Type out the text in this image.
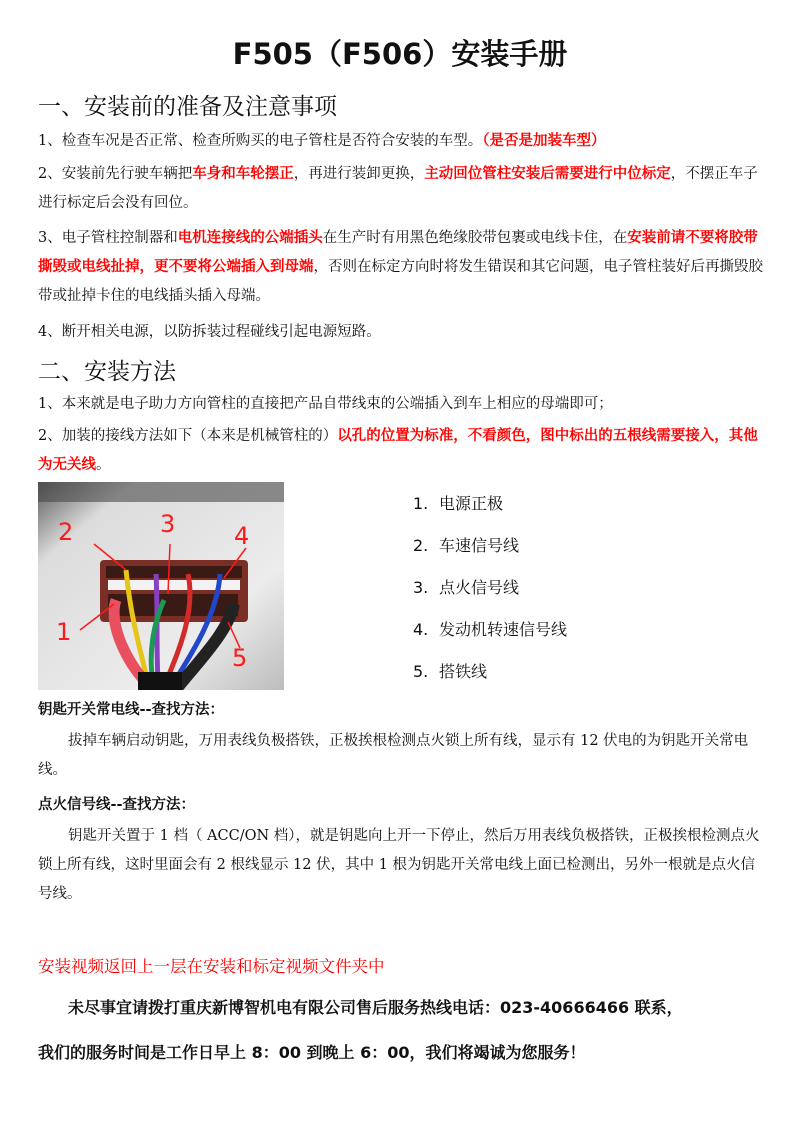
F505（F506）安装手册
一、安装前的准备及注意事项
1、检查车况是否正常、检查所购买的电子管柱是否符合安装的车型。（是否是加装车型）
2、安装前先行驶车辆把车身和车轮摆正，再进行装卸更换，主动回位管柱安装后需要进行中位标定，不摆正车子进行标定后会没有回位。
3、电子管柱控制器和电机连接线的公端插头在生产时有用黑色绝缘胶带包裹或电线卡住，在安装前请不要将胶带撕毁或电线扯掉，更不要将公端插入到母端，否则在标定方向时将发生错误和其它问题，电子管柱装好后再撕毁胶带或扯掉卡住的电线插头插入母端。
4、断开相关电源，以防拆装过程碰线引起电源短路。
二、安装方法
1、本来就是电子助力方向管柱的直接把产品自带线束的公端插入到车上相应的母端即可；
2、加装的接线方法如下（本来是机械管柱的）以孔的位置为标准，不看颜色，图中标出的五根线需要接入，其他为无关线。
2	3 4
1
5
1. 电源正极
2. 车速信号线
3. 点火信号线
4. 发动机转速信号线
5. 搭铁线
钥匙开关常电线--查找方法：
拔掉车辆启动钥匙，万用表线负极搭铁，正极挨根检测点火锁上所有线，显示有 12 伏电的为钥匙开关常电线。
点火信号线--查找方法：
钥匙开关置于 1 档（ ACC/ON 档），就是钥匙向上开一下停止，然后万用表线负极搭铁，正极挨根检测点火锁上所有线，这时里面会有 2 根线显示 12 伏，其中 1 根为钥匙开关常电线上面已检测出，另外一根就是点火信号线。
安装视频返回上一层在安装和标定视频文件夹中
未尽事宜请拨打重庆新博智机电有限公司售后服务热线电话：023-40666466 联系，
我们的服务时间是工作日早上 8：00 到晚上 6：00，我们将竭诚为您服务！
